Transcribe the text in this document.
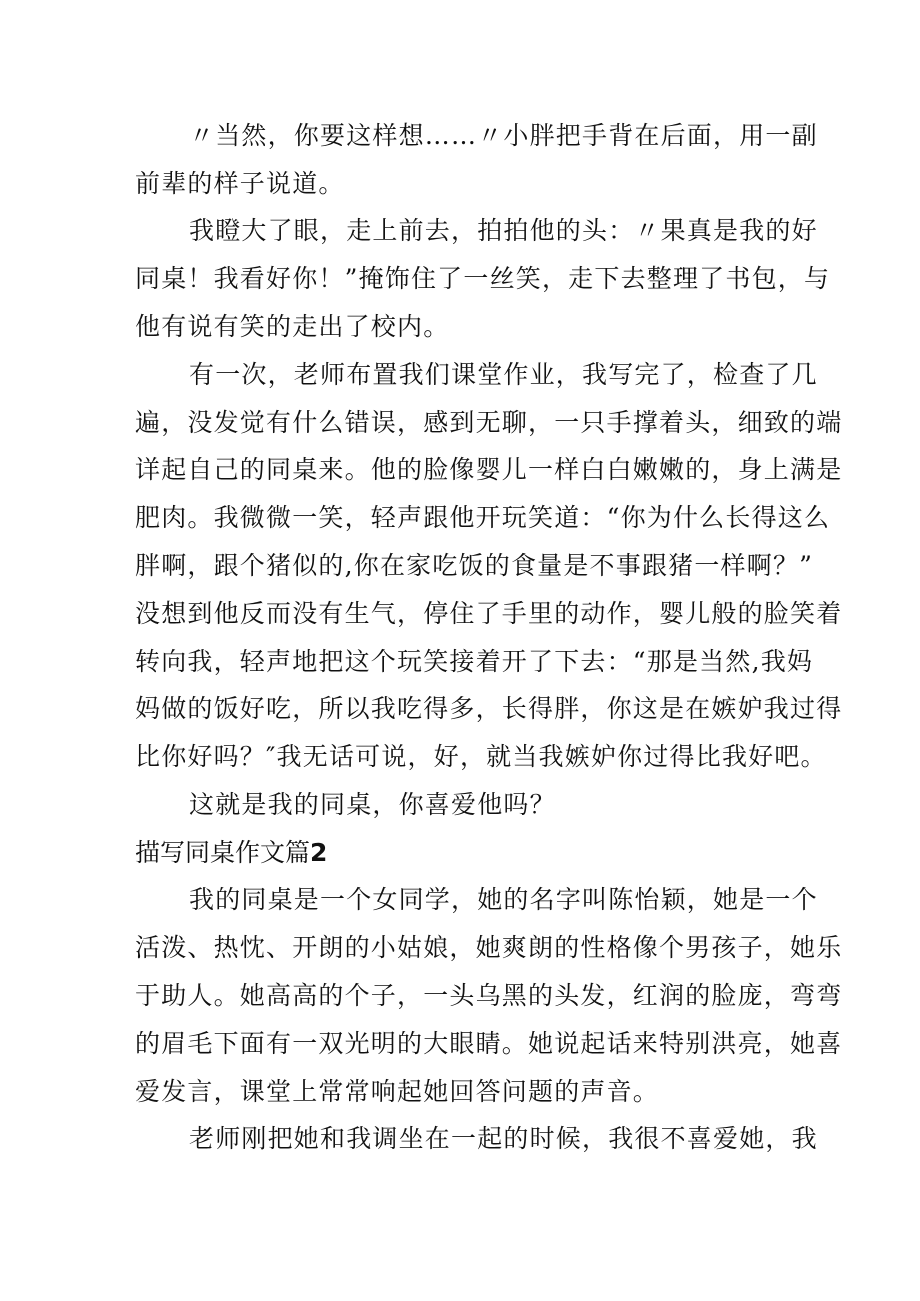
〃当然，你要这样想……〃小胖把手背在后面，用一副
前辈的样子说道。
我瞪大了眼，走上前去，拍拍他的头：〃果真是我的好
同桌！我看好你！”掩饰住了一丝笑，走下去整理了书包，与
他有说有笑的走出了校内。
有一次，老师布置我们课堂作业，我写完了，检查了几
遍，没发觉有什么错误，感到无聊，一只手撑着头，细致的端
详起自己的同桌来。他的脸像婴儿一样白白嫩嫩的，身上满是
肥肉。我微微一笑，轻声跟他开玩笑道：“你为什么长得这么
胖啊，跟个猪似的,你在家吃饭的食量是不事跟猪一样啊？”
没想到他反而没有生气，停住了手里的动作，婴儿般的脸笑着
转向我，轻声地把这个玩笑接着开了下去：“那是当然,我妈
妈做的饭好吃，所以我吃得多，长得胖，你这是在嫉妒我过得
比你好吗？″我无话可说，好，就当我嫉妒你过得比我好吧。
这就是我的同桌，你喜爱他吗？
描写同桌作文篇2
我的同桌是一个女同学，她的名字叫陈怡颖，她是一个
活泼、热忱、开朗的小姑娘，她爽朗的性格像个男孩子，她乐
于助人。她高高的个子，一头乌黑的头发，红润的脸庞，弯弯
的眉毛下面有一双光明的大眼睛。她说起话来特别洪亮，她喜
爱发言，课堂上常常响起她回答问题的声音。
老师刚把她和我调坐在一起的时候，我很不喜爱她，我
